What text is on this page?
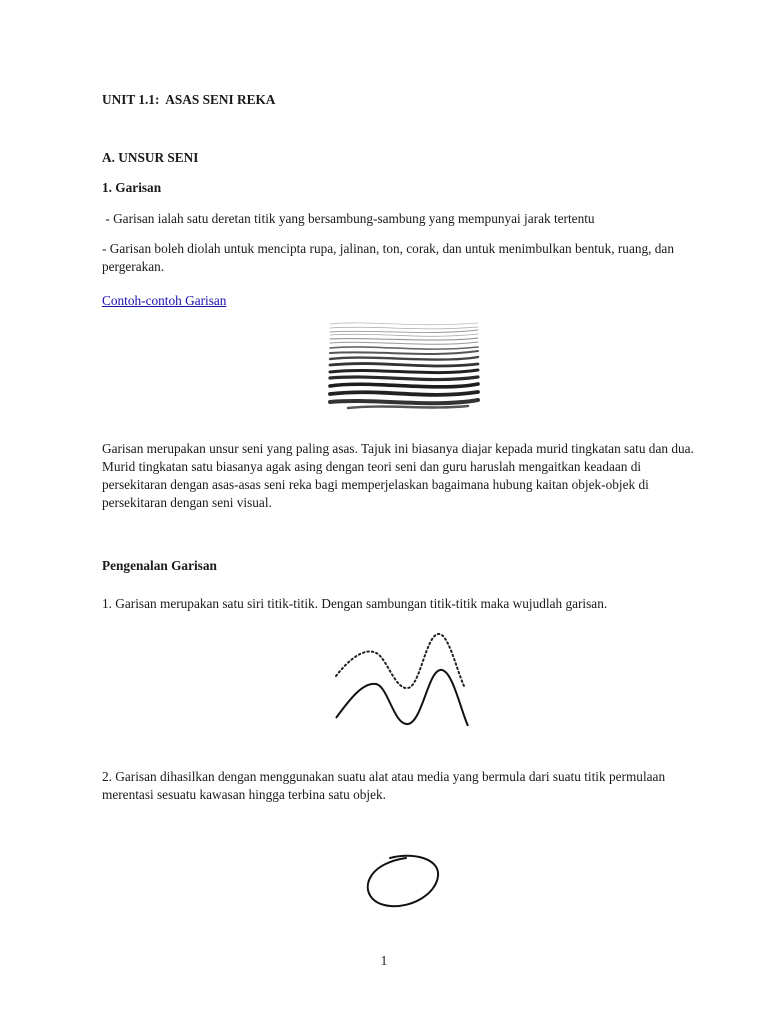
UNIT 1.1:  ASAS SENI REKA
A. UNSUR SENI
1. Garisan
- Garisan ialah satu deretan titik yang bersambung-sambung yang mempunyai jarak tertentu
- Garisan boleh diolah untuk mencipta rupa, jalinan, ton, corak, dan untuk menimbulkan bentuk, ruang, dan pergerakan.
Contoh-contoh Garisan
Garisan merupakan unsur seni yang paling asas. Tajuk ini biasanya diajar kepada murid tingkatan satu dan dua. Murid tingkatan satu biasanya agak asing dengan teori seni dan guru haruslah mengaitkan keadaan di persekitaran dengan asas-asas seni reka bagi memperjelaskan bagaimana hubung kaitan objek-objek di persekitaran dengan seni visual.
Pengenalan Garisan
1. Garisan merupakan satu siri titik-titik. Dengan sambungan titik-titik maka wujudlah garisan.
2. Garisan dihasilkan dengan menggunakan suatu alat atau media yang bermula dari suatu titik permulaan merentasi sesuatu kawasan hingga terbina satu objek.
1
